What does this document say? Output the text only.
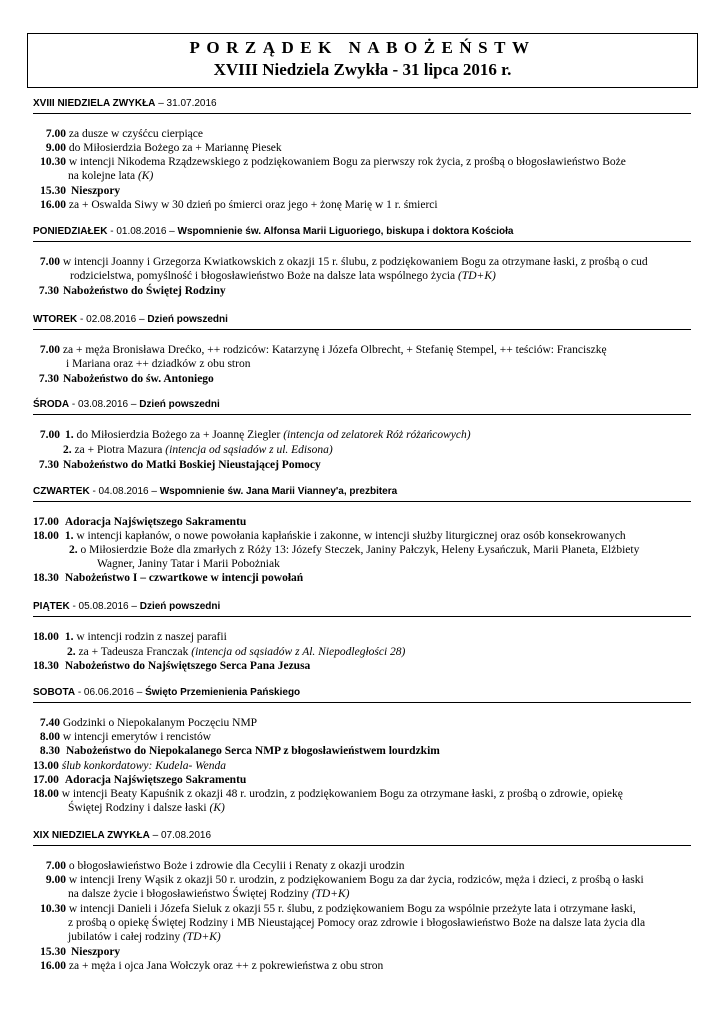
PORZĄDEK NABOŻEŃSTW
XVIII Niedziela Zwykła - 31 lipca 2016 r.
XVIII NIEDZIELA ZWYKŁA – 31.07.2016
PONIEDZIAŁEK - 01.08.2016 – Wspomnienie św. Alfonsa Marii Liguoriego, biskupa i doktora Kościoła
WTOREK - 02.08.2016 – Dzień powszedni
ŚRODA - 03.08.2016 – Dzień powszedni
CZWARTEK - 04.08.2016 – Wspomnienie św. Jana Marii Vianney'a, prezbitera
PIĄTEK - 05.08.2016 – Dzień powszedni
SOBOTA - 06.06.2016 – Święto Przemienienia Pańskiego
XIX NIEDZIELA ZWYKŁA – 07.08.2016
7.00 za dusze w czyśćcu cierpiące
9.00 do Miłosierdzia Bożego za + Mariannę Piesek
10.30 w intencji Nikodema Rządzewskiego z podziękowaniem Bogu za pierwszy rok życia, z prośbą o błogosławieństwo Boże
na kolejne lata (K)
15.30 Nieszpory
16.00 za + Oswalda Siwy w 30 dzień po śmierci oraz jego + żonę Marię w 1 r. śmierci
7.00 w intencji Joanny i Grzegorza Kwiatkowskich z okazji 15 r. ślubu, z podziękowaniem Bogu za otrzymane łaski, z prośbą o cud
rodzicielstwa, pomyślność i błogosławieństwo Boże na dalsze lata wspólnego życia (TD+K)
7.30 Nabożeństwo do Świętej Rodziny
7.00 za + męża Bronisława Drećko, ++ rodziców: Katarzynę i Józefa Olbrecht, + Stefanię Stempel, ++ teściów: Franciszkę
i Mariana oraz ++ dziadków z obu stron
7.30 Nabożeństwo do św. Antoniego
7.00 1. do Miłosierdzia Bożego za + Joannę Ziegler (intencja od zelatorek Róż różańcowych)
2. za + Piotra Mazura (intencja od sąsiadów z ul. Edisona)
7.30 Nabożeństwo do Matki Boskiej Nieustającej Pomocy
17.00 Adoracja Najświętszego Sakramentu
18.00 1. w intencji kapłanów, o nowe powołania kapłańskie i zakonne, w intencji służby liturgicznej oraz osób konsekrowanych
2. o Miłosierdzie Boże dla zmarłych z Róży 13: Józefy Steczek, Janiny Pałczyk, Heleny Łysańczuk, Marii Płaneta, Elżbiety
Wagner, Janiny Tatar i Marii Pobożniak
18.30 Nabożeństwo I – czwartkowe w intencji powołań
18.00 1. w intencji rodzin z naszej parafii
2. za + Tadeusza Franczak (intencja od sąsiadów z Al. Niepodległości 28)
18.30 Nabożeństwo do Najświętszego Serca Pana Jezusa
7.40 Godzinki o Niepokalanym Poczęciu NMP
8.00 w intencji emerytów i rencistów
8.30 Nabożeństwo do Niepokalanego Serca NMP z błogosławieństwem lourdzkim
13.00 ślub konkordatowy: Kudela- Wenda
17.00 Adoracja Najświętszego Sakramentu
18.00 w intencji Beaty Kapuśnik z okazji 48 r. urodzin, z podziękowaniem Bogu za otrzymane łaski, z prośbą o zdrowie, opiekę
Świętej Rodziny i dalsze łaski (K)
7.00 o błogosławieństwo Boże i zdrowie dla Cecylii i Renaty z okazji urodzin
9.00 w intencji Ireny Wąsik z okazji 50 r. urodzin, z podziękowaniem Bogu za dar życia, rodziców, męża i dzieci, z prośbą o łaski
na dalsze życie i błogosławieństwo Świętej Rodziny (TD+K)
10.30 w intencji Danieli i Józefa Sieluk z okazji 55 r. ślubu, z podziękowaniem Bogu za wspólnie przeżyte lata i otrzymane łaski,
z prośbą o opiekę Świętej Rodziny i MB Nieustającej Pomocy oraz zdrowie i błogosławieństwo Boże na dalsze lata życia dla
jubilatów i całej rodziny (TD+K)
15.30 Nieszpory
16.00 za + męża i ojca Jana Wołczyk oraz ++ z pokrewieństwa z obu stron
